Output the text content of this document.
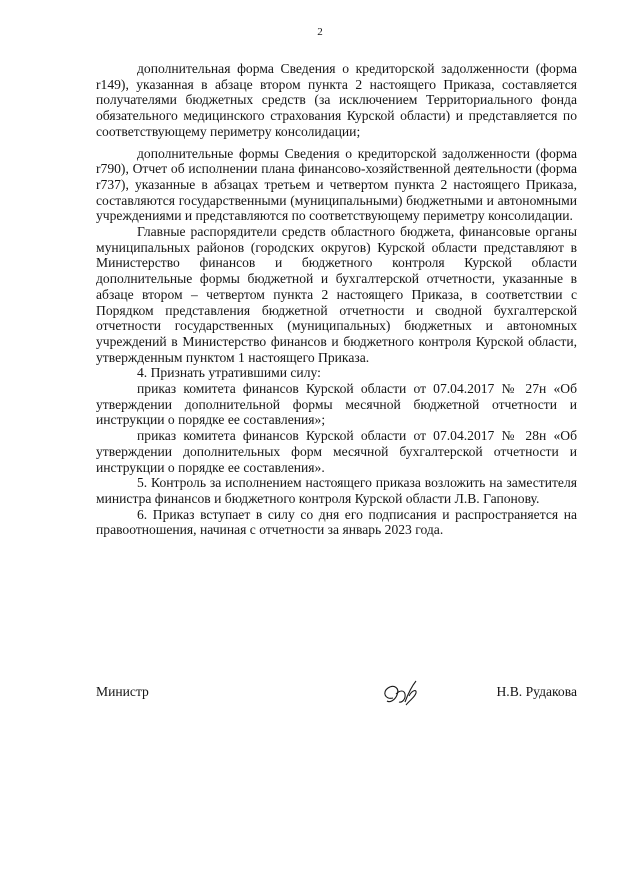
2

дополнительная форма Сведения о кредиторской задолженности (форма r149), указанная в абзаце втором пункта 2 настоящего Приказа, составляется получателями бюджетных средств (за исключением Территориального фонда обязательного медицинского страхования Курской области) и представляется по соответствующему периметру консолидации;

дополнительные формы Сведения о кредиторской задолженности (форма r790), Отчет об исполнении плана финансово-хозяйственной деятельности (форма r737), указанные в абзацах третьем и четвертом пункта 2 настоящего Приказа, составляются государственными (муниципальными) бюджетными и автономными учреждениями и представляются по соответствующему периметру консолидации.

Главные распорядители средств областного бюджета, финансовые органы муниципальных районов (городских округов) Курской области представляют в Министерство финансов и бюджетного контроля Курской области дополнительные формы бюджетной и бухгалтерской отчетности, указанные в абзаце втором – четвертом пункта 2 настоящего Приказа, в соответствии с Порядком представления бюджетной отчетности и сводной бухгалтерской отчетности государственных (муниципальных) бюджетных и автономных учреждений в Министерство финансов и бюджетного контроля Курской области, утвержденным пунктом 1 настоящего Приказа.

4. Признать утратившими силу:

приказ комитета финансов Курской области от 07.04.2017 № 27н «Об утверждении дополнительной формы месячной бюджетной отчетности и инструкции о порядке ее составления»;

приказ комитета финансов Курской области от 07.04.2017 № 28н «Об утверждении дополнительных форм месячной бухгалтерской отчетности и инструкции о порядке ее составления».

5. Контроль за исполнением настоящего приказа возложить на заместителя министра финансов и бюджетного контроля Курской области Л.В. Гапонову.

6. Приказ вступает в силу со дня его подписания и распространяется на правоотношения, начиная с отчетности за январь 2023 года.

Министр	Н.В. Рудакова
